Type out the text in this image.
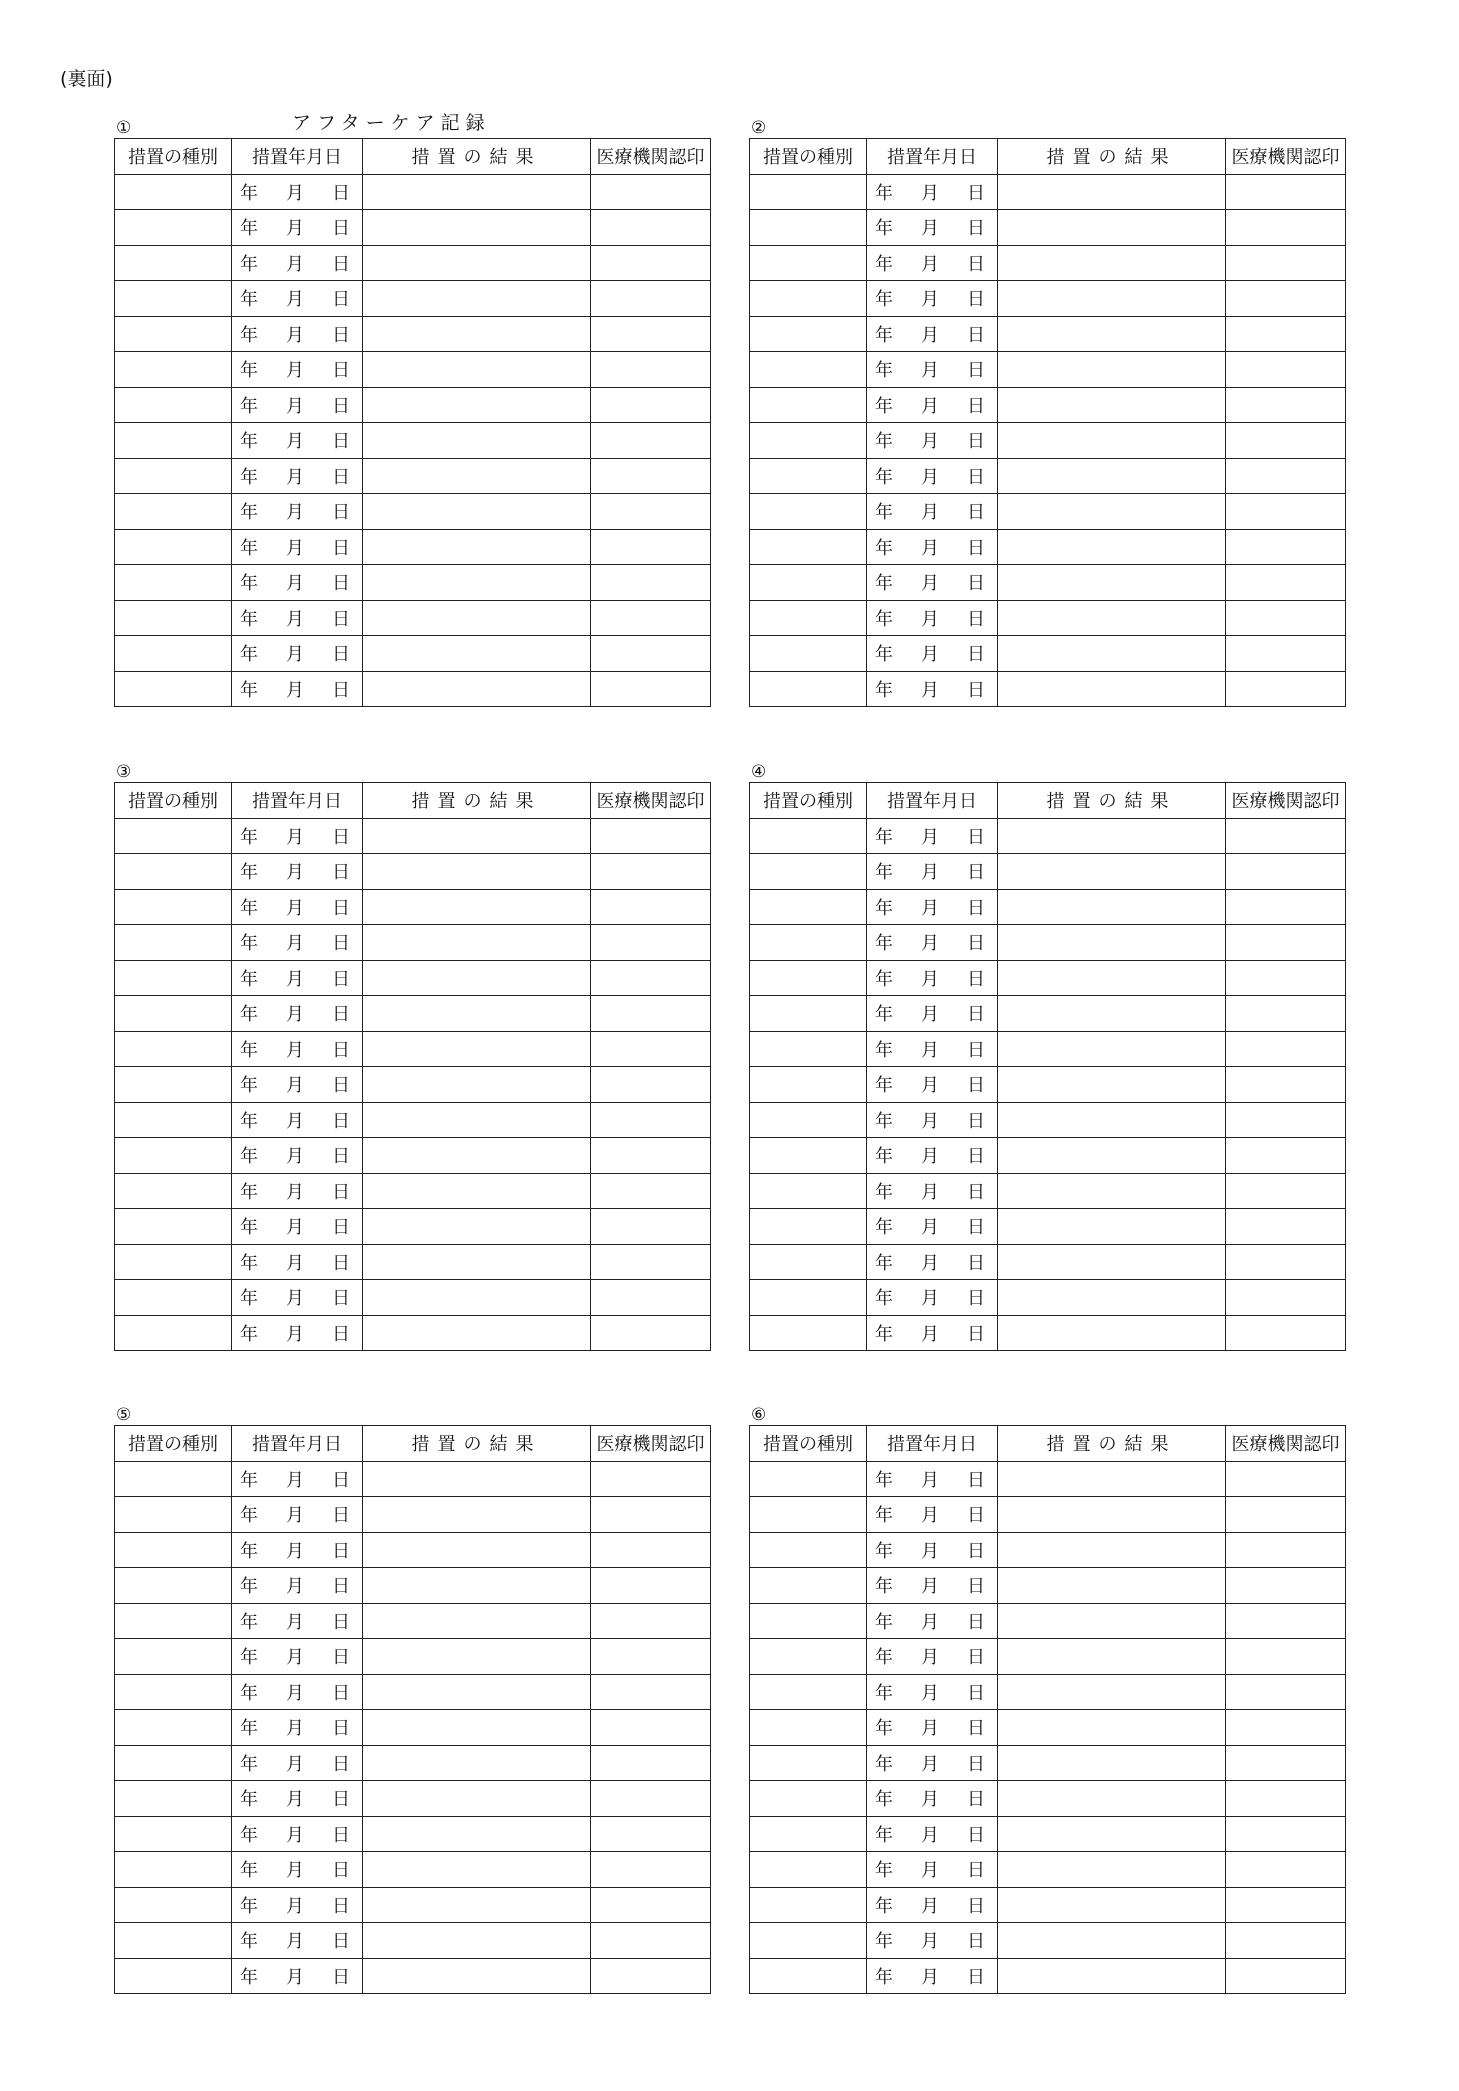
(裏面)
アフターケア記録
①
措置の種別	措置年月日	措置の結果	医療機関認印
	年 月 日		
	年 月 日		
	年 月 日		
	年 月 日		
	年 月 日		
	年 月 日		
	年 月 日		
	年 月 日		
	年 月 日		
	年 月 日		
	年 月 日		
	年 月 日		
	年 月 日		
	年 月 日		
	年 月 日		
②
措置の種別	措置年月日	措置の結果	医療機関認印
	年 月 日		
	年 月 日		
	年 月 日		
	年 月 日		
	年 月 日		
	年 月 日		
	年 月 日		
	年 月 日		
	年 月 日		
	年 月 日		
	年 月 日		
	年 月 日		
	年 月 日		
	年 月 日		
	年 月 日		
③
措置の種別	措置年月日	措置の結果	医療機関認印
	年 月 日		
	年 月 日		
	年 月 日		
	年 月 日		
	年 月 日		
	年 月 日		
	年 月 日		
	年 月 日		
	年 月 日		
	年 月 日		
	年 月 日		
	年 月 日		
	年 月 日		
	年 月 日		
	年 月 日		
④
措置の種別	措置年月日	措置の結果	医療機関認印
	年 月 日		
	年 月 日		
	年 月 日		
	年 月 日		
	年 月 日		
	年 月 日		
	年 月 日		
	年 月 日		
	年 月 日		
	年 月 日		
	年 月 日		
	年 月 日		
	年 月 日		
	年 月 日		
	年 月 日		
⑤
措置の種別	措置年月日	措置の結果	医療機関認印
	年 月 日		
	年 月 日		
	年 月 日		
	年 月 日		
	年 月 日		
	年 月 日		
	年 月 日		
	年 月 日		
	年 月 日		
	年 月 日		
	年 月 日		
	年 月 日		
	年 月 日		
	年 月 日		
	年 月 日		
⑥
措置の種別	措置年月日	措置の結果	医療機関認印
	年 月 日		
	年 月 日		
	年 月 日		
	年 月 日		
	年 月 日		
	年 月 日		
	年 月 日		
	年 月 日		
	年 月 日		
	年 月 日		
	年 月 日		
	年 月 日		
	年 月 日		
	年 月 日		
	年 月 日		
